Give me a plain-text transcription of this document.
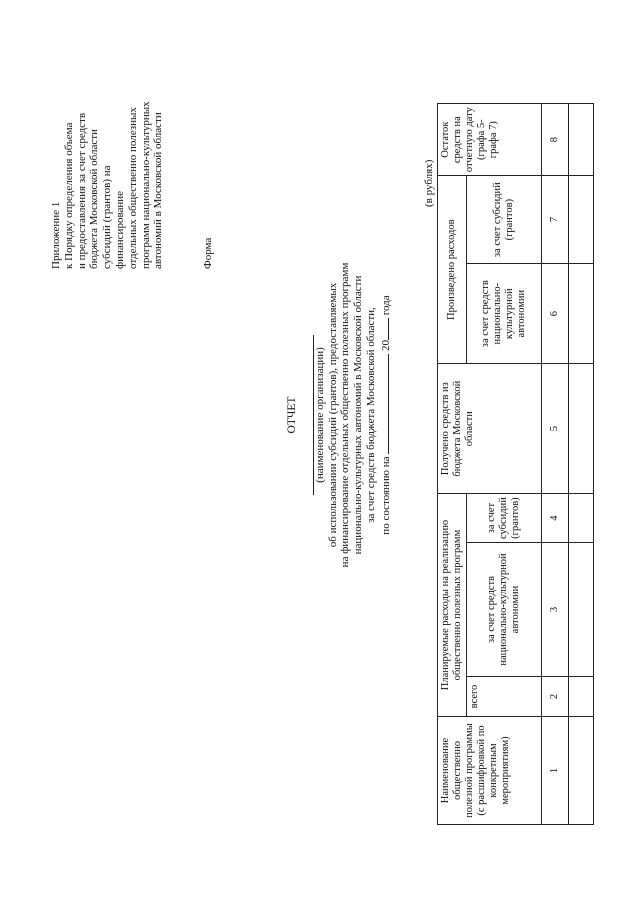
Приложение 1 к Порядку определения объема и предоставления за счет средств бюджета Московской области субсидий (грантов) на финансирование отдельных общественно полезных программ национально-культурных автономий в Московской области	Форма
ОТЧЕТ (наименование организации) об использовании субсидий (грантов), предоставляемых на финансирование отдельных общественно полезных программ национально-культурных автономий в Московской области за счет средств бюджета Московской области, по состоянию на  20 года
(в рублях)
Наименование общественно полезной программы (с расшифровкой по конкретным мероприятиям)	Планируемые расходы на реализацию общественно полезных программ			Получено средств из бюджета Московской области	Произведено расходов		Остаток средств на отчетную дату (графа 5-графа 7)
	всего	за счет средств национально-культурной автономии	за счет субсидий (грантов)		за счет средств национально-культурной автономии	за счет субсидий (грантов)	
1	2	3	4	5	6	7	8
